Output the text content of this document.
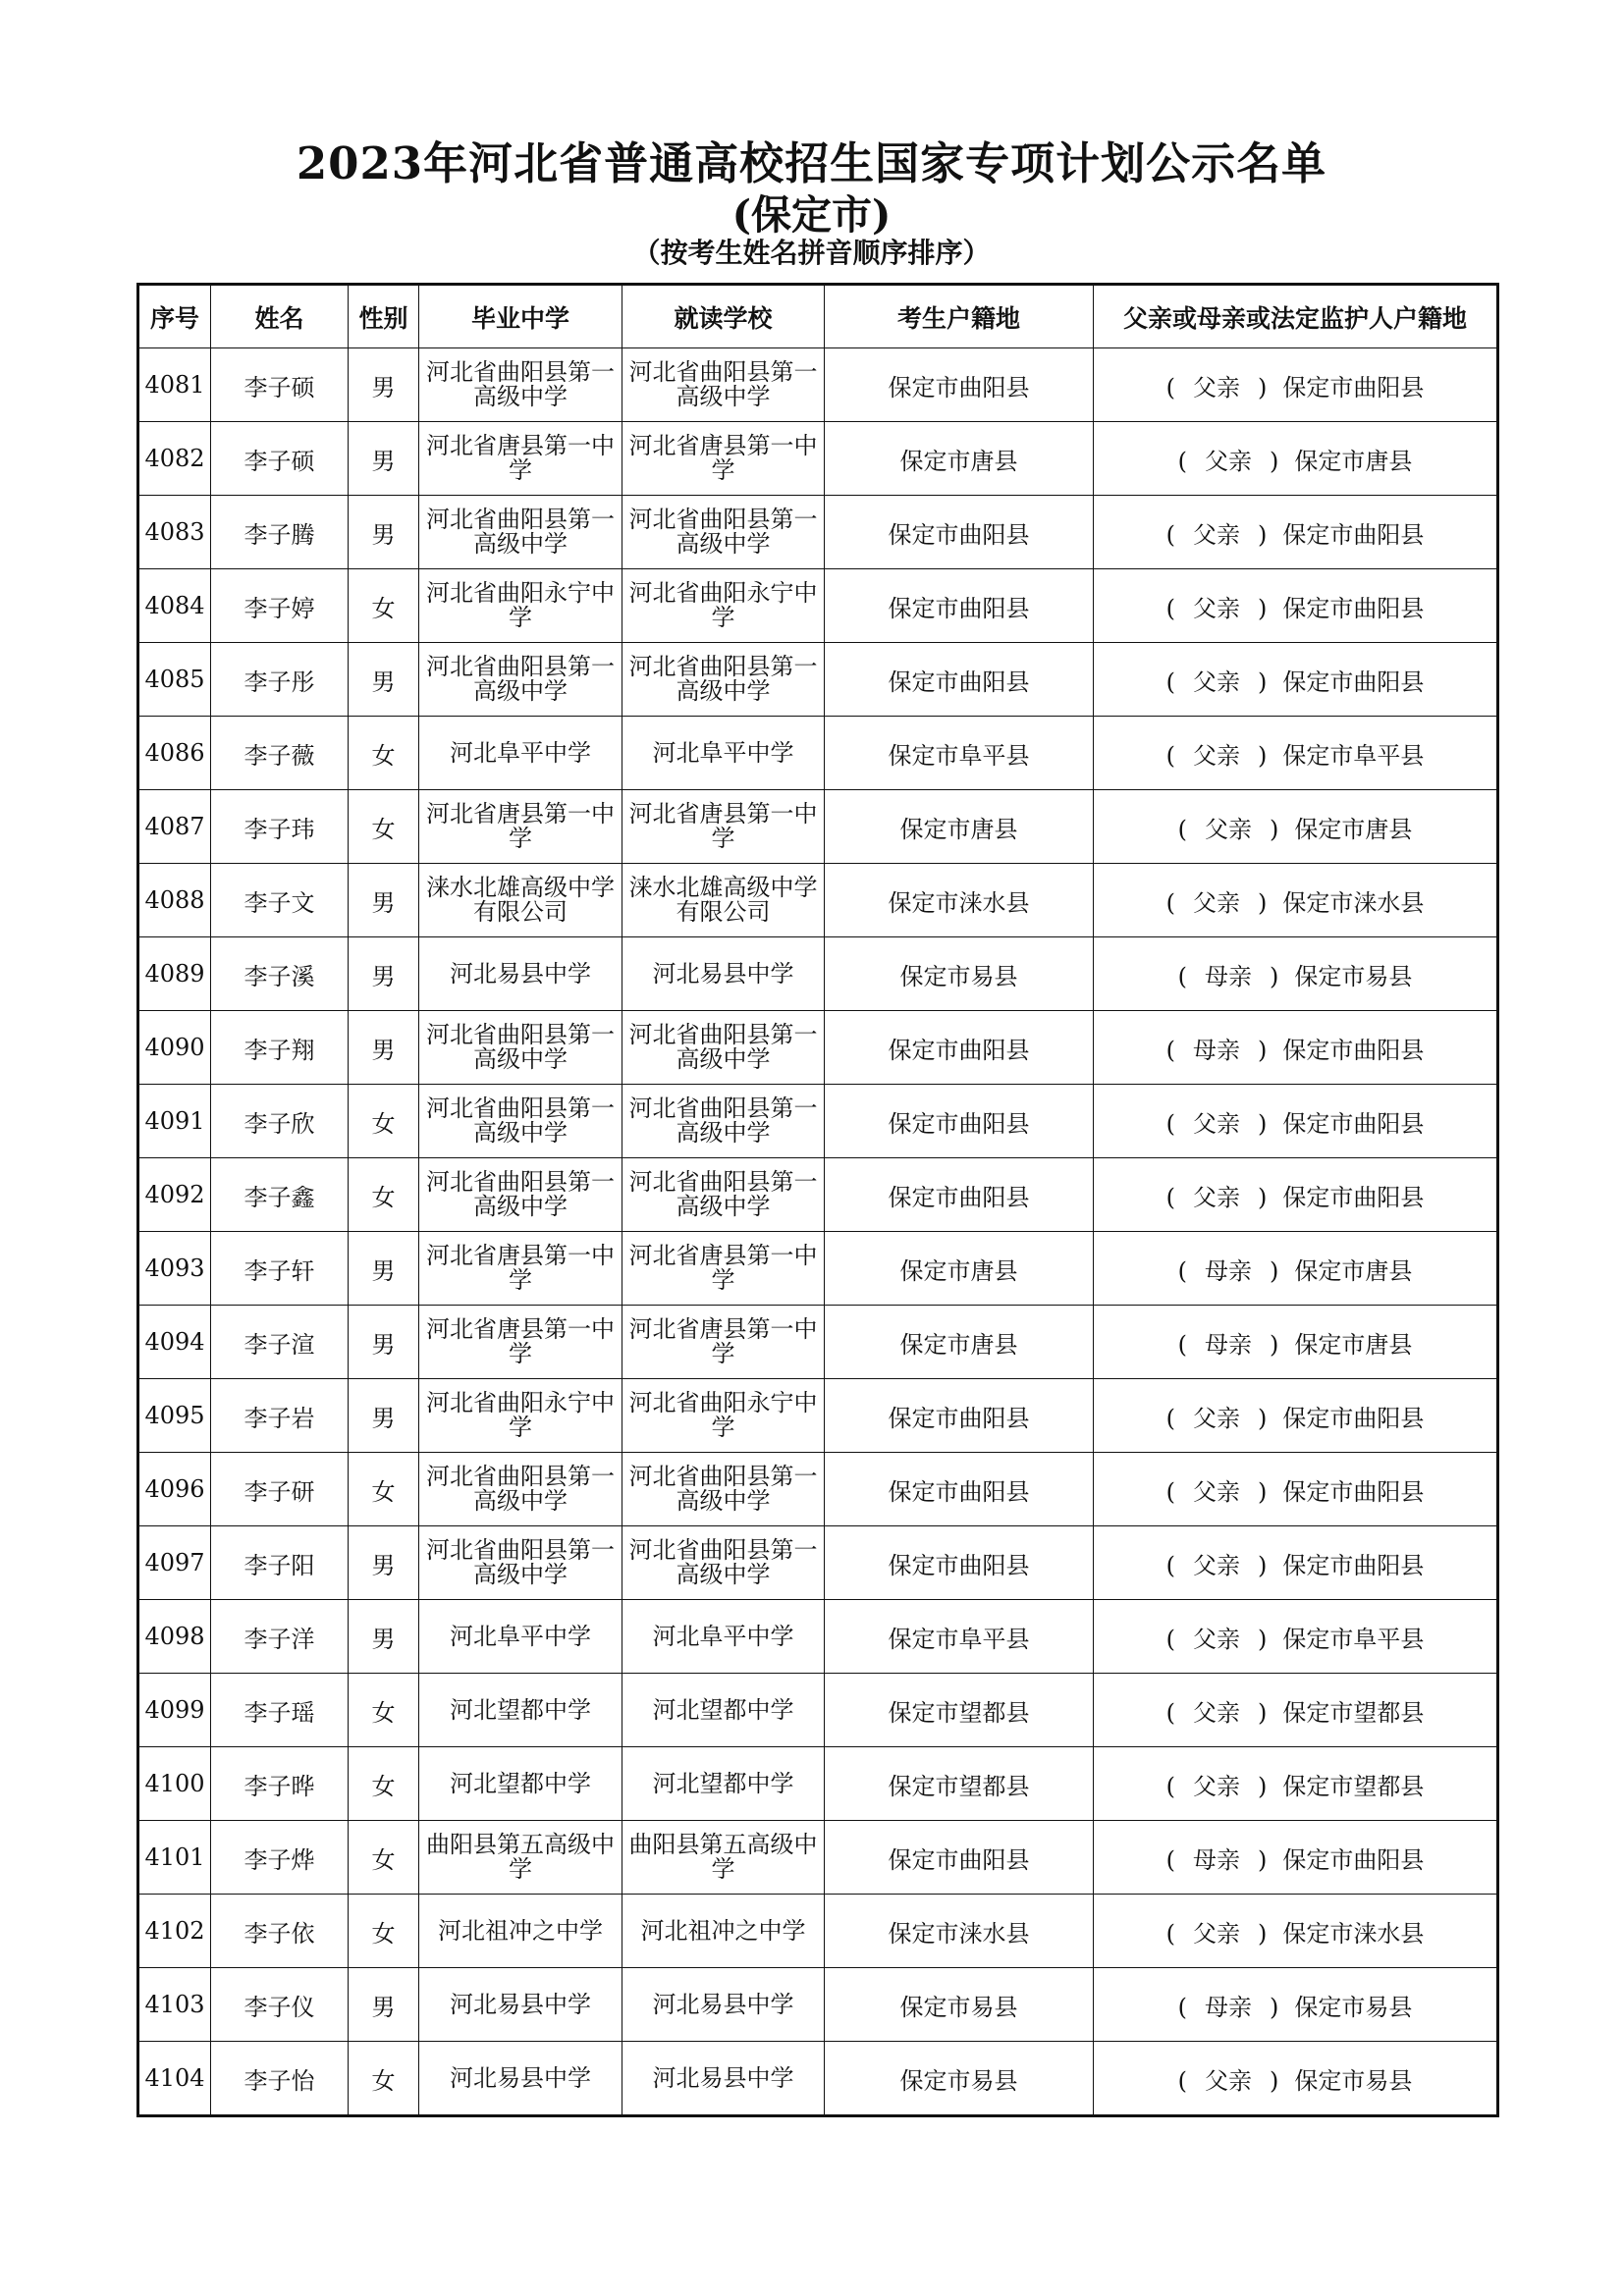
2023年河北省普通高校招生国家专项计划公示名单
(保定市)
（按考生姓名拼音顺序排序）
序号	姓名	性别	毕业中学	就读学校	考生户籍地	父亲或母亲或法定监护人户籍地
4081	李子硕	男	河北省曲阳县第一高级中学	河北省曲阳县第一高级中学	保定市曲阳县	( 父亲 ) 保定市曲阳县
4082	李子硕	男	河北省唐县第一中学	河北省唐县第一中学	保定市唐县	( 父亲 ) 保定市唐县
4083	李子腾	男	河北省曲阳县第一高级中学	河北省曲阳县第一高级中学	保定市曲阳县	( 父亲 ) 保定市曲阳县
4084	李子婷	女	河北省曲阳永宁中学	河北省曲阳永宁中学	保定市曲阳县	( 父亲 ) 保定市曲阳县
4085	李子彤	男	河北省曲阳县第一高级中学	河北省曲阳县第一高级中学	保定市曲阳县	( 父亲 ) 保定市曲阳县
4086	李子薇	女	河北阜平中学	河北阜平中学	保定市阜平县	( 父亲 ) 保定市阜平县
4087	李子玮	女	河北省唐县第一中学	河北省唐县第一中学	保定市唐县	( 父亲 ) 保定市唐县
4088	李子文	男	涞水北雄高级中学有限公司	涞水北雄高级中学有限公司	保定市涞水县	( 父亲 ) 保定市涞水县
4089	李子溪	男	河北易县中学	河北易县中学	保定市易县	( 母亲 ) 保定市易县
4090	李子翔	男	河北省曲阳县第一高级中学	河北省曲阳县第一高级中学	保定市曲阳县	( 母亲 ) 保定市曲阳县
4091	李子欣	女	河北省曲阳县第一高级中学	河北省曲阳县第一高级中学	保定市曲阳县	( 父亲 ) 保定市曲阳县
4092	李子鑫	女	河北省曲阳县第一高级中学	河北省曲阳县第一高级中学	保定市曲阳县	( 父亲 ) 保定市曲阳县
4093	李子轩	男	河北省唐县第一中学	河北省唐县第一中学	保定市唐县	( 母亲 ) 保定市唐县
4094	李子渲	男	河北省唐县第一中学	河北省唐县第一中学	保定市唐县	( 母亲 ) 保定市唐县
4095	李子岩	男	河北省曲阳永宁中学	河北省曲阳永宁中学	保定市曲阳县	( 父亲 ) 保定市曲阳县
4096	李子研	女	河北省曲阳县第一高级中学	河北省曲阳县第一高级中学	保定市曲阳县	( 父亲 ) 保定市曲阳县
4097	李子阳	男	河北省曲阳县第一高级中学	河北省曲阳县第一高级中学	保定市曲阳县	( 父亲 ) 保定市曲阳县
4098	李子洋	男	河北阜平中学	河北阜平中学	保定市阜平县	( 父亲 ) 保定市阜平县
4099	李子瑶	女	河北望都中学	河北望都中学	保定市望都县	( 父亲 ) 保定市望都县
4100	李子晔	女	河北望都中学	河北望都中学	保定市望都县	( 父亲 ) 保定市望都县
4101	李子烨	女	曲阳县第五高级中学	曲阳县第五高级中学	保定市曲阳县	( 母亲 ) 保定市曲阳县
4102	李子依	女	河北祖冲之中学	河北祖冲之中学	保定市涞水县	( 父亲 ) 保定市涞水县
4103	李子仪	男	河北易县中学	河北易县中学	保定市易县	( 母亲 ) 保定市易县
4104	李子怡	女	河北易县中学	河北易县中学	保定市易县	( 父亲 ) 保定市易县
